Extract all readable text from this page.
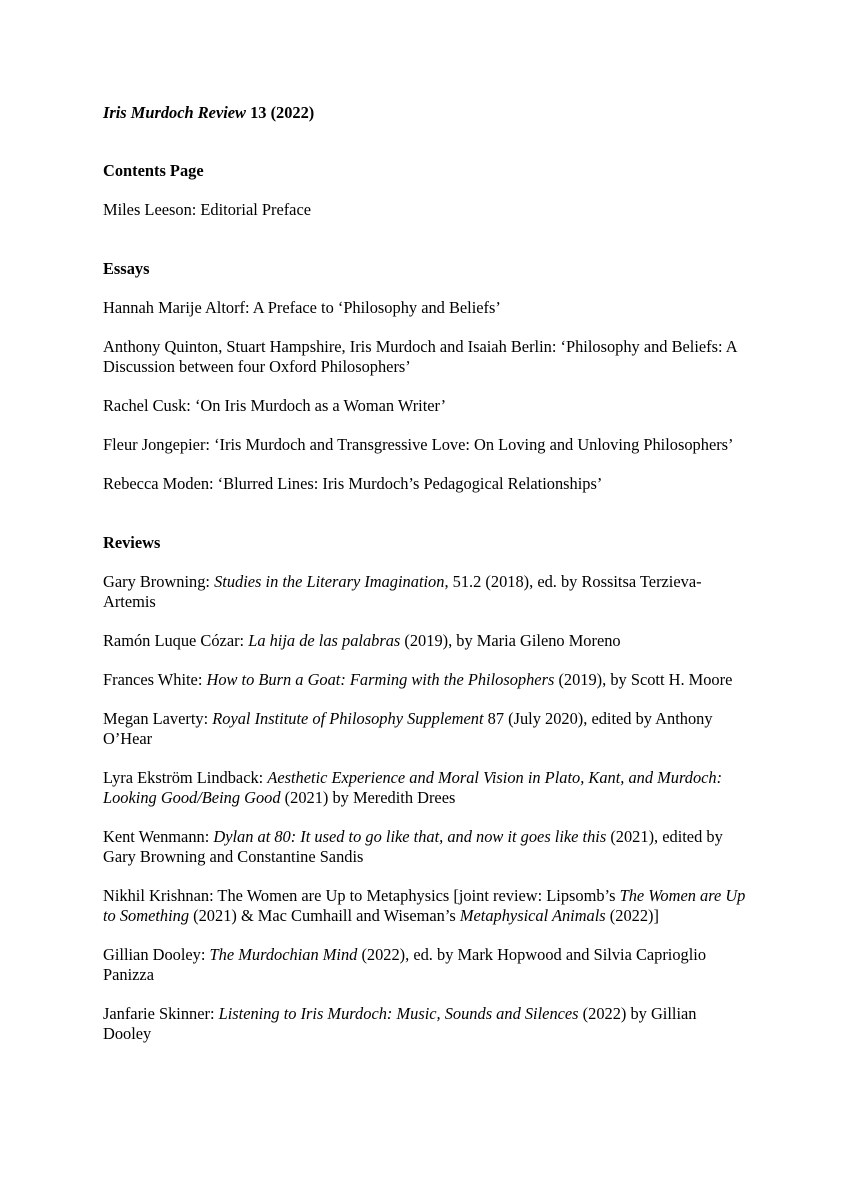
Iris Murdoch Review 13 (2022)

Contents Page

Miles Leeson: Editorial Preface

Essays

Hannah Marije Altorf: A Preface to ‘Philosophy and Beliefs’

Anthony Quinton, Stuart Hampshire, Iris Murdoch and Isaiah Berlin: ‘Philosophy and Beliefs: A Discussion between four Oxford Philosophers’

Rachel Cusk: ‘On Iris Murdoch as a Woman Writer’

Fleur Jongepier: ‘Iris Murdoch and Transgressive Love: On Loving and Unloving Philosophers’

Rebecca Moden: ‘Blurred Lines: Iris Murdoch’s Pedagogical Relationships’

Reviews

Gary Browning: Studies in the Literary Imagination, 51.2 (2018), ed. by Rossitsa Terzieva-Artemis

Ramón Luque Cózar: La hija de las palabras (2019), by Maria Gileno Moreno

Frances White: How to Burn a Goat: Farming with the Philosophers (2019), by Scott H. Moore

Megan Laverty: Royal Institute of Philosophy Supplement 87 (July 2020), edited by Anthony O’Hear

Lyra Ekström Lindback: Aesthetic Experience and Moral Vision in Plato, Kant, and Murdoch: Looking Good/Being Good (2021) by Meredith Drees

Kent Wenmann: Dylan at 80: It used to go like that, and now it goes like this (2021), edited by Gary Browning and Constantine Sandis

Nikhil Krishnan: The Women are Up to Metaphysics [joint review: Lipsomb’s The Women are Up to Something (2021) & Mac Cumhaill and Wiseman’s Metaphysical Animals (2022)]

Gillian Dooley: The Murdochian Mind (2022), ed. by Mark Hopwood and Silvia Caprioglio Panizza

Janfarie Skinner: Listening to Iris Murdoch: Music, Sounds and Silences (2022) by Gillian Dooley
